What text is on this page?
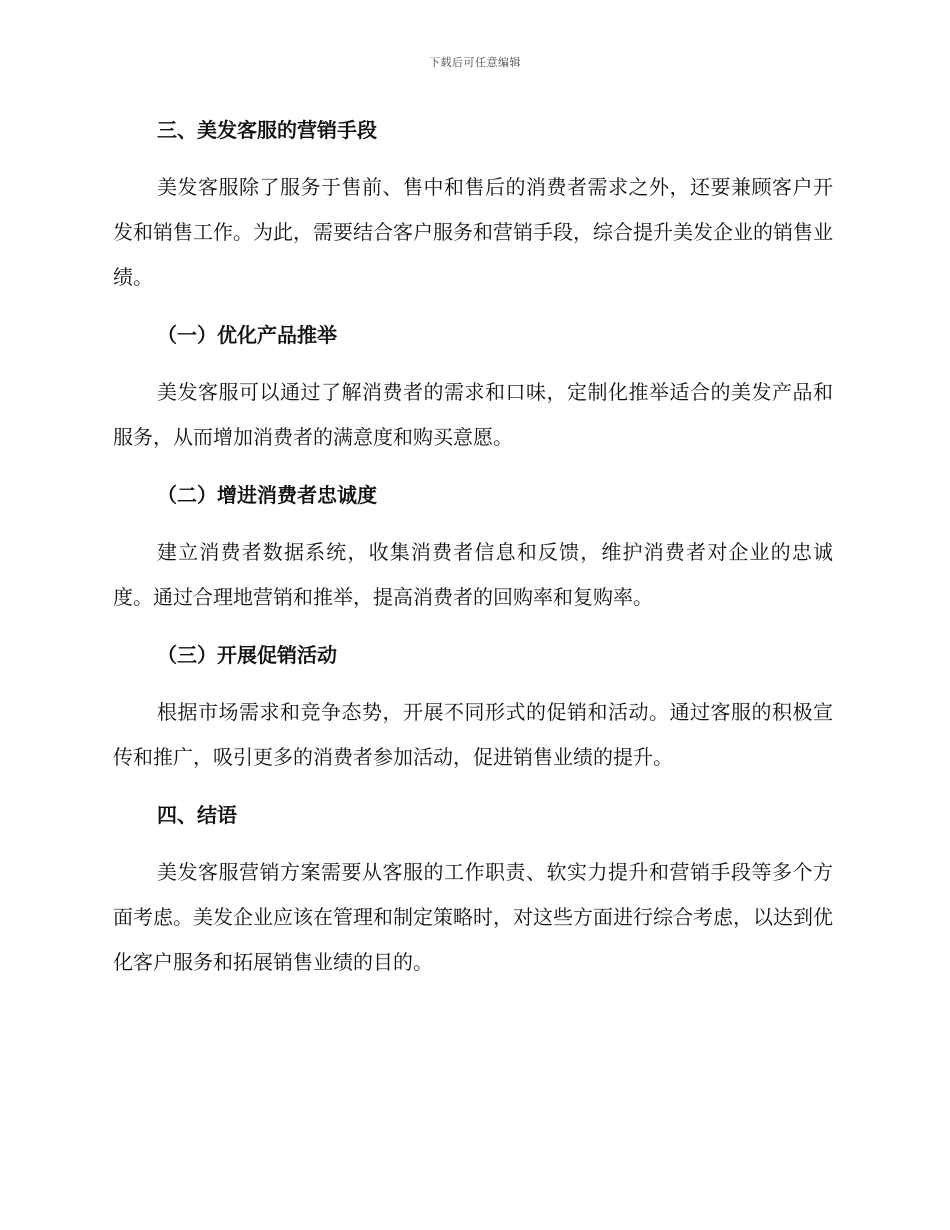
下载后可任意编辑
三、美发客服的营销手段
美发客服除了服务于售前、售中和售后的消费者需求之外，还要兼顾客户开发和销售工作。为此，需要结合客户服务和营销手段，综合提升美发企业的销售业绩。
（一）优化产品推举
美发客服可以通过了解消费者的需求和口味，定制化推举适合的美发产品和服务，从而增加消费者的满意度和购买意愿。
（二）增进消费者忠诚度
建立消费者数据系统，收集消费者信息和反馈，维护消费者对企业的忠诚度。通过合理地营销和推举，提高消费者的回购率和复购率。
（三）开展促销活动
根据市场需求和竞争态势，开展不同形式的促销和活动。通过客服的积极宣传和推广，吸引更多的消费者参加活动，促进销售业绩的提升。
四、结语
美发客服营销方案需要从客服的工作职责、软实力提升和营销手段等多个方面考虑。美发企业应该在管理和制定策略时，对这些方面进行综合考虑，以达到优化客户服务和拓展销售业绩的目的。
